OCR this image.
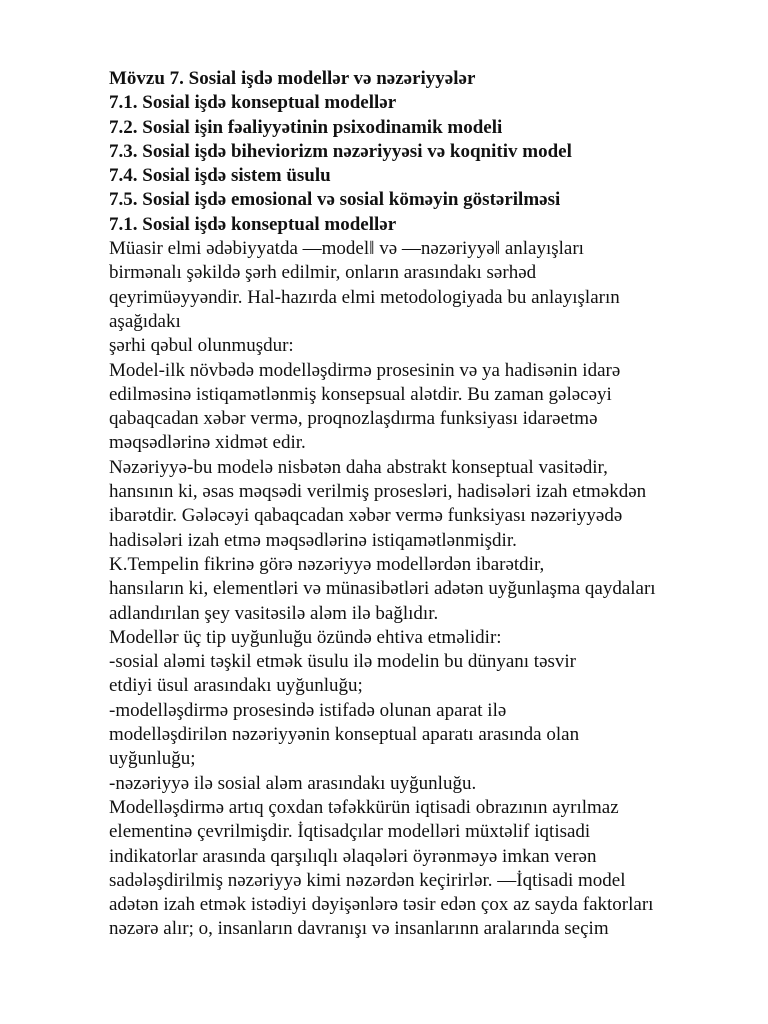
Mövzu 7. Sosial işdə modellər və nəzəriyyələr
7.1. Sosial işdə konseptual modellər
7.2. Sosial işin fəaliyyətinin psixodinamik modeli
7.3. Sosial işdə biheviorizm nəzəriyyəsi və koqnitiv model
7.4. Sosial işdə sistem üsulu
7.5. Sosial işdə emosional və sosial köməyin göstərilməsi
7.1. Sosial işdə konseptual modellər
Müasir elmi ədəbiyyatda ―model‖ və ―nəzəriyyə‖ anlayışları
birmənalı şəkildə şərh edilmir, onların arasındakı sərhəd
qeyrimüəyyəndir. Hal-hazırda elmi metodologiyada bu anlayışların
aşağıdakı
şərhi qəbul olunmuşdur:
Model-ilk növbədə modelləşdirmə prosesinin və ya hadisənin idarə
edilməsinə istiqamətlənmiş konsepsual alətdir. Bu zaman gələcəyi
qabaqcadan xəbər vermə, proqnozlaşdırma funksiyası idarəetmə
məqsədlərinə xidmət edir.
Nəzəriyyə-bu modelə nisbətən daha abstrakt konseptual vasitədir,
hansının ki, əsas məqsədi verilmiş prosesləri, hadisələri izah etməkdən
ibarətdir. Gələcəyi qabaqcadan xəbər vermə funksiyası nəzəriyyədə
hadisələri izah etmə məqsədlərinə istiqamətlənmişdir.
K.Tempelin fikrinə görə nəzəriyyə modellərdən ibarətdir,
hansıların ki, elementləri və münasibətləri adətən uyğunlaşma qaydaları
adlandırılan şey vasitəsilə aləm ilə bağlıdır.
Modellər üç tip uyğunluğu özündə ehtiva etməlidir:
-sosial aləmi təşkil etmək üsulu ilə modelin bu dünyanı təsvir
etdiyi üsul arasındakı uyğunluğu;
-modelləşdirmə prosesində istifadə olunan aparat ilə
modelləşdirilən nəzəriyyənin konseptual aparatı arasında olan
uyğunluğu;
-nəzəriyyə ilə sosial aləm arasındakı uyğunluğu.
Modelləşdirmə artıq çoxdan təfəkkürün iqtisadi obrazının ayrılmaz
elementinə çevrilmişdir. İqtisadçılar modelləri müxtəlif iqtisadi
indikatorlar arasında qarşılıqlı əlaqələri öyrənməyə imkan verən
sadələşdirilmiş nəzəriyyə kimi nəzərdən keçirirlər. ―İqtisadi model
adətən izah etmək istədiyi dəyişənlərə təsir edən çox az sayda faktorları
nəzərə alır; o, insanların davranışı və insanlarınn aralarında seçim
